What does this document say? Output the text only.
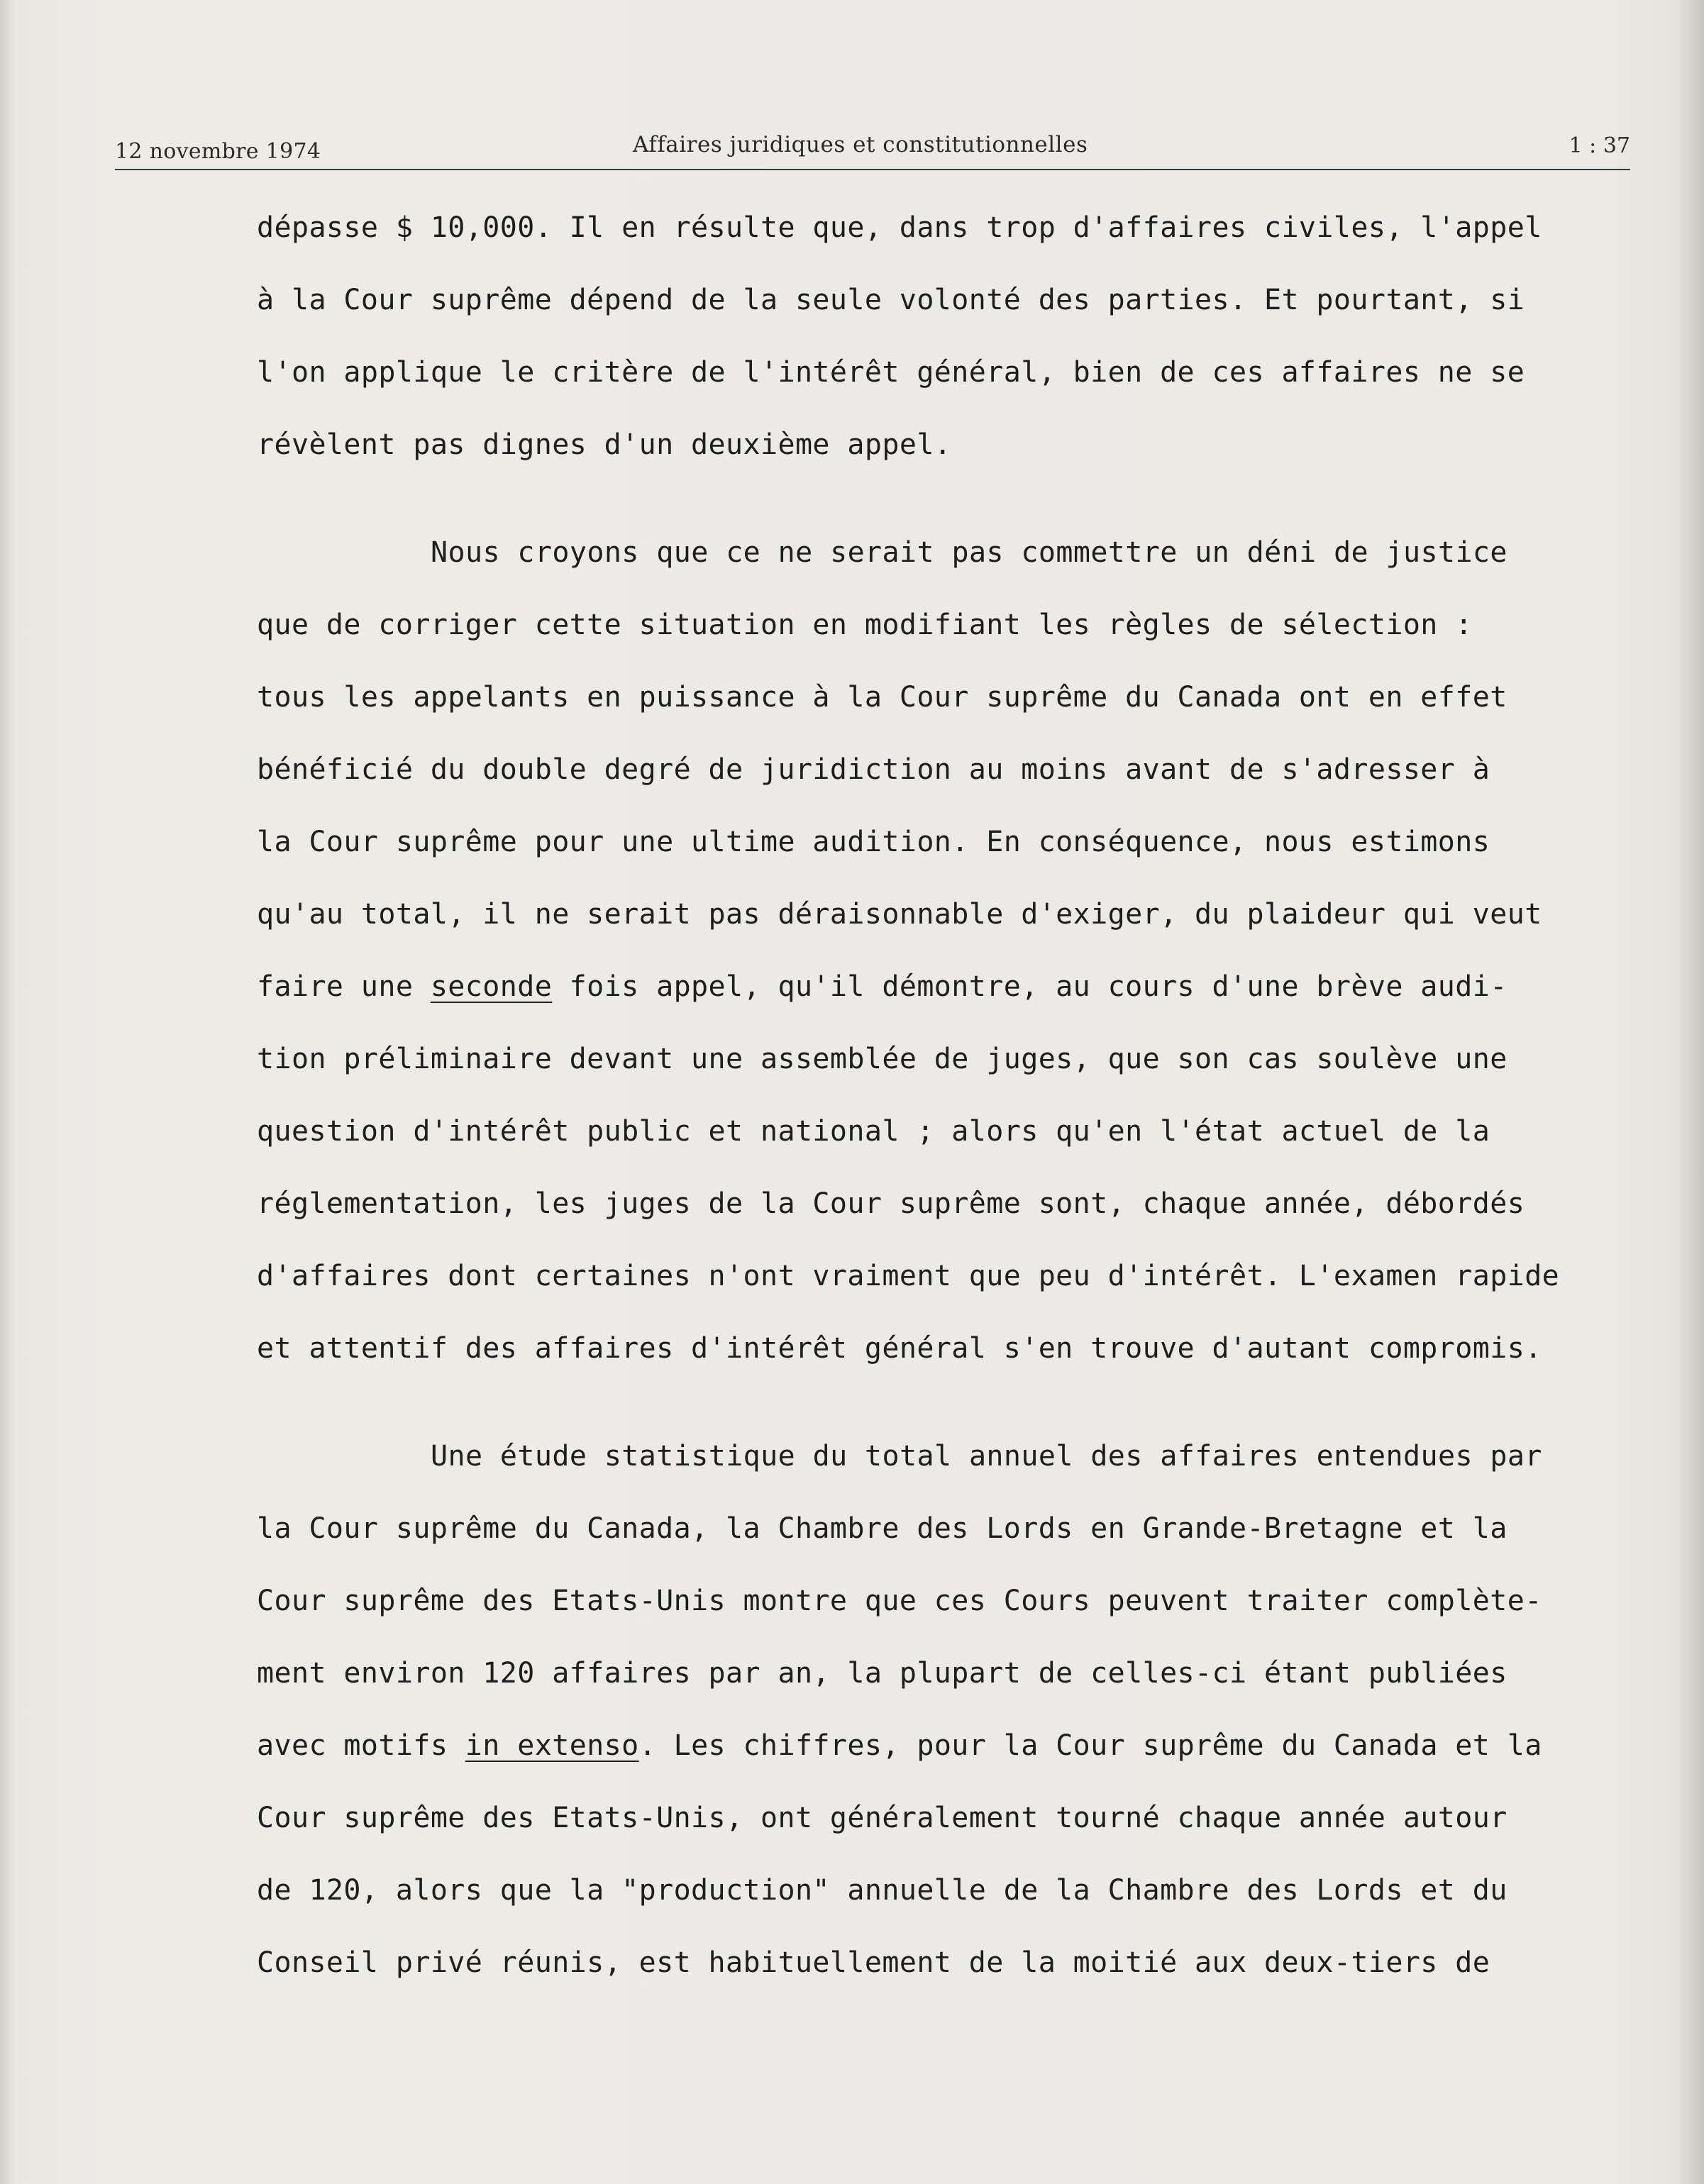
12 novembre 1974	Affaires juridiques et constitutionnelles	1 : 37
dépasse $ 10,000. Il en résulte que, dans trop d'affaires civiles, l'appel
à la Cour suprême dépend de la seule volonté des parties. Et pourtant, si
l'on applique le critère de l'intérêt général, bien de ces affaires ne se
révèlent pas dignes d'un deuxième appel.
Nous croyons que ce ne serait pas commettre un déni de justice
que de corriger cette situation en modifiant les règles de sélection :
tous les appelants en puissance à la Cour suprême du Canada ont en effet
bénéficié du double degré de juridiction au moins avant de s'adresser à
la Cour suprême pour une ultime audition. En conséquence, nous estimons
qu'au total, il ne serait pas déraisonnable d'exiger, du plaideur qui veut
faire une seconde fois appel, qu'il démontre, au cours d'une brève audi-
tion préliminaire devant une assemblée de juges, que son cas soulève une
question d'intérêt public et national ; alors qu'en l'état actuel de la
réglementation, les juges de la Cour suprême sont, chaque année, débordés
d'affaires dont certaines n'ont vraiment que peu d'intérêt. L'examen rapide
et attentif des affaires d'intérêt général s'en trouve d'autant compromis.
Une étude statistique du total annuel des affaires entendues par
la Cour suprême du Canada, la Chambre des Lords en Grande-Bretagne et la
Cour suprême des Etats-Unis montre que ces Cours peuvent traiter complète-
ment environ 120 affaires par an, la plupart de celles-ci étant publiées
avec motifs in extenso. Les chiffres, pour la Cour suprême du Canada et la
Cour suprême des Etats-Unis, ont généralement tourné chaque année autour
de 120, alors que la "production" annuelle de la Chambre des Lords et du
Conseil privé réunis, est habituellement de la moitié aux deux-tiers de
